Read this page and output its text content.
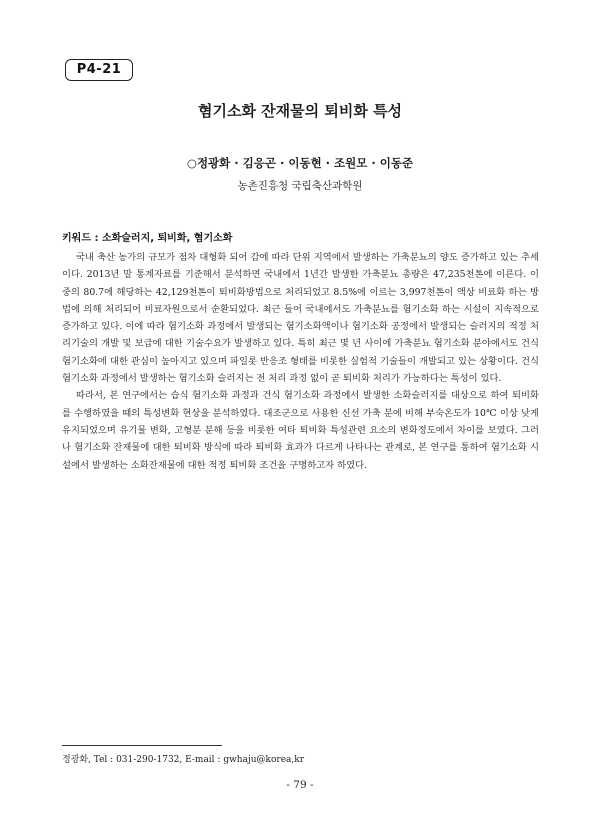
P4-21
혐기소화 잔재물의 퇴비화 특성
○정광화 · 김응곤 · 이동현 · 조원모 · 이동준
농촌진흥청 국립축산과학원
키워드 : 소화슬러지, 퇴비화, 혐기소화

국내 축산 농가의 규모가 점차 대형화 되어 감에 따라 단위 지역에서 발생하는 가축분뇨의 양도 증가하고 있는 추세이다. 2013년 말 통계자료를 기준해서 분석하면 국내에서 1년간 발생한 가축분뇨 총량은 47,235천톤에 이른다. 이 중의 80.7에 해당하는 42,129천톤이 퇴비화방법으로 처리되었고 8.5%에 이르는 3,997천톤이 액상 비료화 하는 방법에 의해 처리되어 비료자원으로서 순환되었다. 최근 들어 국내에서도 가축분뇨를 혐기소화 하는 시설이 지속적으로 증가하고 있다. 이에 따라 혐기소화 과정에서 발생되는 혐기소화액이나 혐기소화 공정에서 발생되는 슬러지의 적정 처리기술의 개발 및 보급에 대한 기술수요가 발생하고 있다. 특히 최근 몇 년 사이에 가축분뇨 혐기소화 분야에서도 건식 혐기소화에 대한 관심이 높아지고 있으며 파일롯 반응조 형태를 비롯한 실험적 기술들이 개발되고 있는 상황이다. 건식 혐기소화 과정에서 발생하는 혐기소화 슬러지는 전 처리 과정 없이 곧 퇴비화 처리가 가능하다는 특성이 있다.

따라서, 본 연구에서는 습식 혐기소화 과정과 건식 혐기소화 과정에서 발생한 소화슬러지를 대상으로 하여 퇴비화를 수행하였을 때의 특성변화 현상을 분석하였다. 대조군으로 사용한 신선 가축 분에 비해 부숙온도가 10℃ 이상 낮게 유지되었으며 유기물 변화, 고형분 분해 등을 비롯한 여타 퇴비화 특성관련 요소의 변화정도에서 차이를 보였다. 그러나 혐기소화 잔재물에 대한 퇴비화 방식에 따라 퇴비화 효과가 다르게 나타나는 관계로, 본 연구를 통하여 혐기소화 시설에서 발생하는 소화잔재물에 대한 적정 퇴비화 조건을 구명하고자 하였다.

정광화, Tel : 031-290-1732, E-mail : gwhaju@korea,kr
- 79 -
